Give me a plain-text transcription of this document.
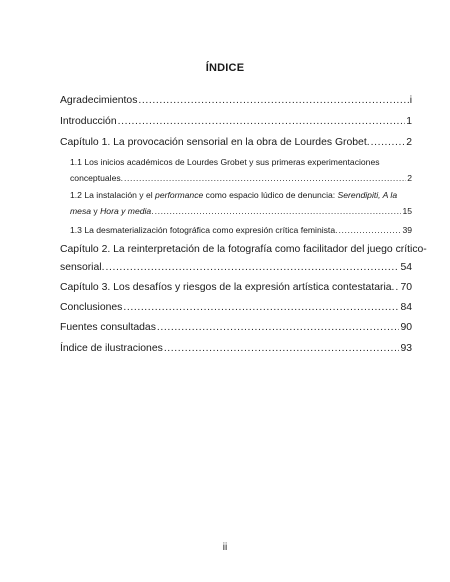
ÍNDICE
Agradecimientos .....	i
Introducción .....	1
Capítulo 1. La provocación sensorial en la obra de Lourdes Grobet. .....	2
1.1 Los inicios académicos de Lourdes Grobet y sus primeras experimentaciones
conceptuales. .....	2
1.2 La instalación y el performance como espacio lúdico de denuncia: Serendipiti, A la
mesa y Hora y media. .....	15
1.3 La desmaterialización fotográfica como expresión crítica feminista. .....	39
Capítulo 2. La reinterpretación de la fotografía como facilitador del juego crítico-
sensorial. .....	54
Capítulo 3. Los desafíos y riesgos de la expresión artística contestataria. ..... 70
Conclusiones .....	84
Fuentes consultadas .....	90
Índice de ilustraciones .....	93
ii
